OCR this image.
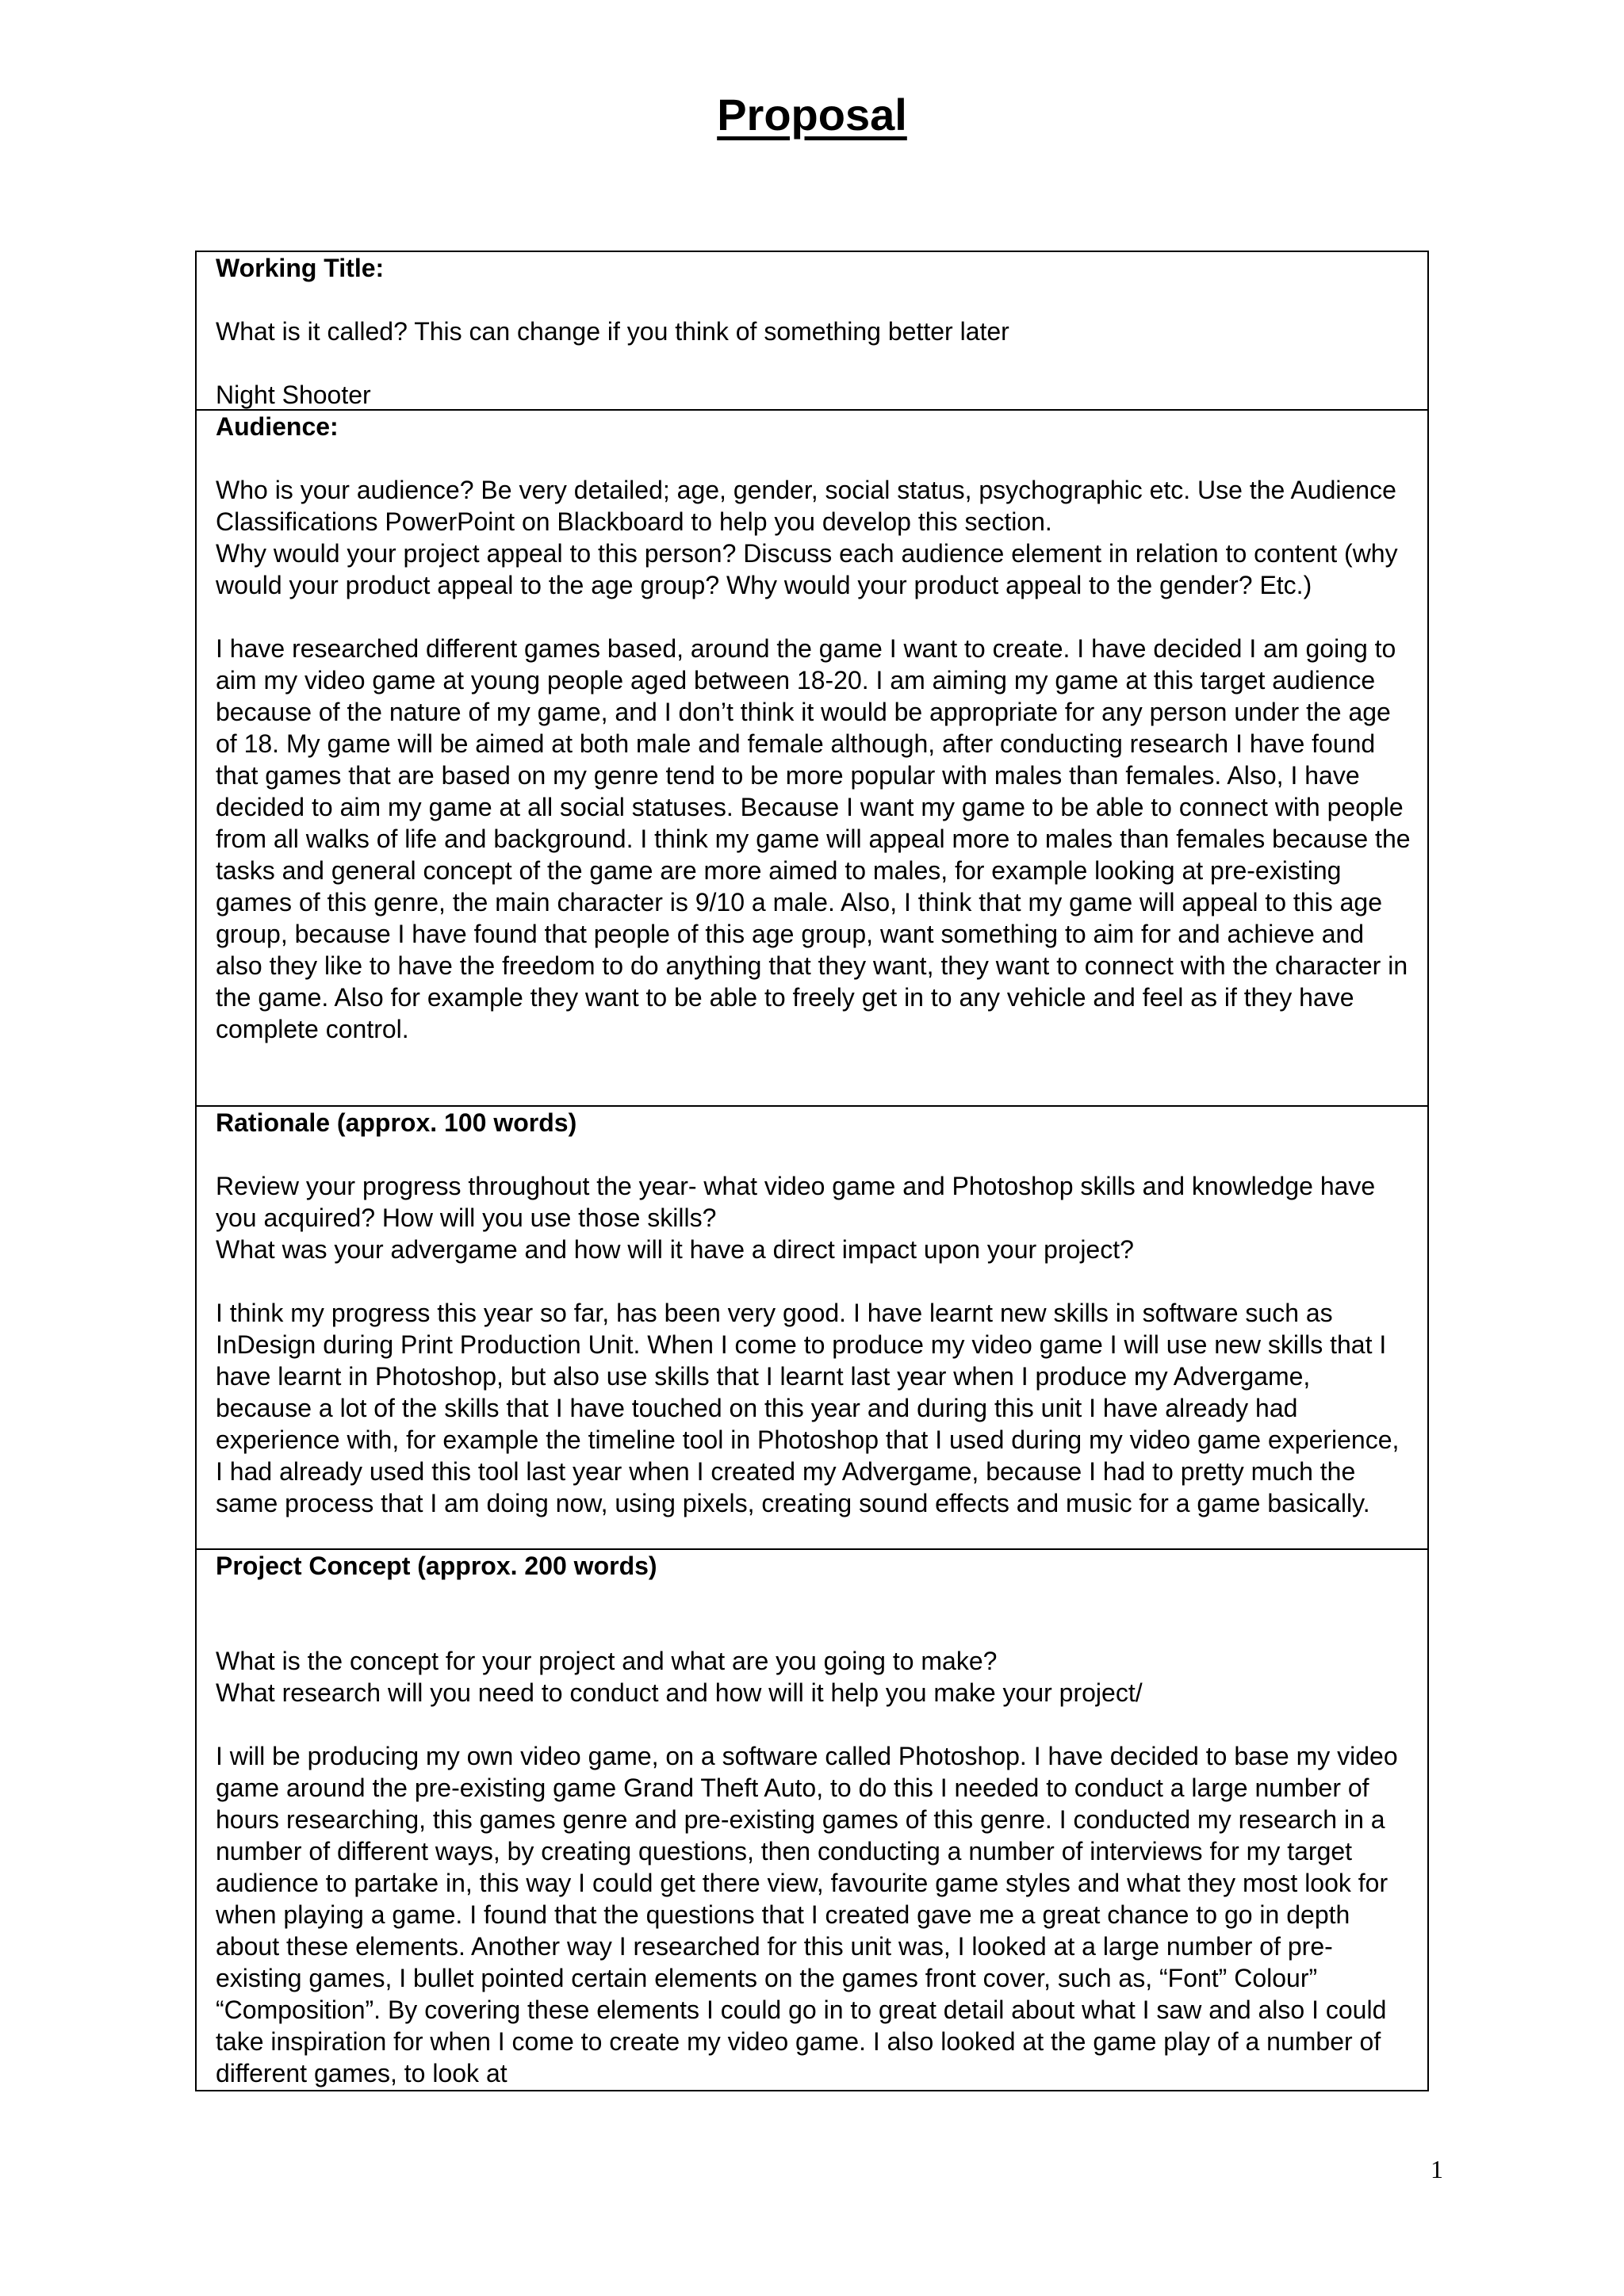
Proposal

Working Title:

What is it called? This can change if you think of something better later

Night Shooter

Audience:

Who is your audience? Be very detailed; age, gender, social status, psychographic etc. Use the Audience Classifications PowerPoint on Blackboard to help you develop this section.

Why would your project appeal to this person? Discuss each audience element in relation to content (why would your product appeal to the age group? Why would your product appeal to the gender? Etc.)

I have researched different games based, around the game I want to create. I have decided I am going to aim my video game at young people aged between 18-20. I am aiming my game at this target audience because of the nature of my game, and I don’t think it would be appropriate for any person under the age of 18. My game will be aimed at both male and female although, after conducting research I have found that games that are based on my genre tend to be more popular with males than females. Also, I have decided to aim my game at all social statuses. Because I want my game to be able to connect with people from all walks of life and background. I think my game will appeal more to males than females because the tasks and general concept of the game are more aimed to males, for example looking at pre-existing games of this genre, the main character is 9/10 a male. Also, I think that my game will appeal to this age group, because I have found that people of this age group, want something to aim for and achieve and also they like to have the freedom to do anything that they want, they want to connect with the character in the game. Also for example they want to be able to freely get in to any vehicle and feel as if they have complete control.

Rationale (approx. 100 words)

Review your progress throughout the year- what video game and Photoshop skills and knowledge have you acquired? How will you use those skills?

What was your advergame and how will it have a direct impact upon your project?

I think my progress this year so far, has been very good. I have learnt new skills in software such as InDesign during Print Production Unit. When I come to produce my video game I will use new skills that I have learnt in Photoshop, but also use skills that I learnt last year when I produce my Advergame, because a lot of the skills that I have touched on this year and during this unit I have already had experience with, for example the timeline tool in Photoshop that I used during my video game experience, I had already used this tool last year when I created my Advergame, because I had to pretty much the same process that I am doing now, using pixels, creating sound effects and music for a game basically.

Project Concept (approx. 200 words)

What is the concept for your project and what are you going to make?

What research will you need to conduct and how will it help you make your project/

I will be producing my own video game, on a software called Photoshop. I have decided to base my video game around the pre-existing game Grand Theft Auto, to do this I needed to conduct a large number of hours researching, this games genre and pre-existing games of this genre. I conducted my research in a number of different ways, by creating questions, then conducting a number of interviews for my target audience to partake in, this way I could get there view, favourite game styles and what they most look for when playing a game. I found that the questions that I created gave me a great chance to go in depth about these elements. Another way I researched for this unit was, I looked at a large number of pre-existing games, I bullet pointed certain elements on the games front cover, such as, “Font” Colour” “Composition”. By covering these elements I could go in to great detail about what I saw and also I could take inspiration for when I come to create my video game. I also looked at the game play of a number of different games, to look at

1
